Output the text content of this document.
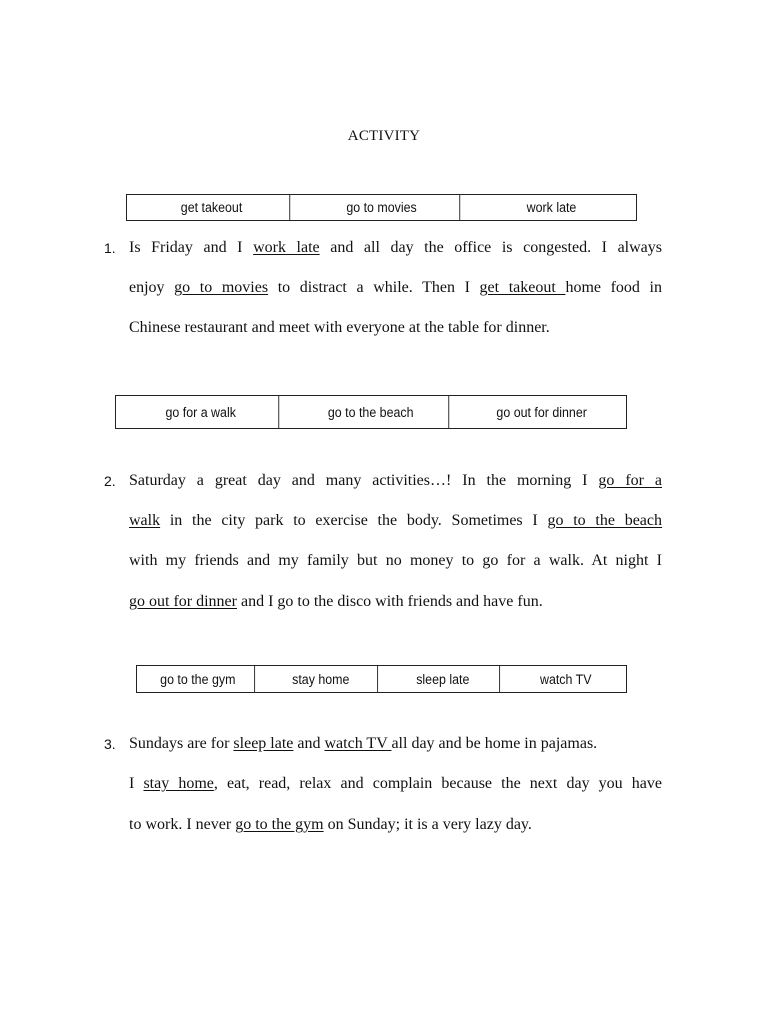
ACTIVITY
get takeout	go to movies	work late
1. Is Friday and I work late and all day the office is congested. I always
enjoy go to movies to distract a while. Then I get takeout home food in
Chinese restaurant and meet with everyone at the table for dinner.
go for a walk	go to the beach	go out for dinner
2. Saturday a great day and many activities…! In the morning I go for a
walk in the city park to exercise the body. Sometimes I go to the beach
with my friends and my family but no money to go for a walk. At night I
go out for dinner and I go to the disco with friends and have fun.
go to the gym	stay home	sleep late	watch TV
3. Sundays are for sleep late and watch TV all day and be home in pajamas.
I stay home, eat, read, relax and complain because the next day you have
to work. I never go to the gym on Sunday; it is a very lazy day.
